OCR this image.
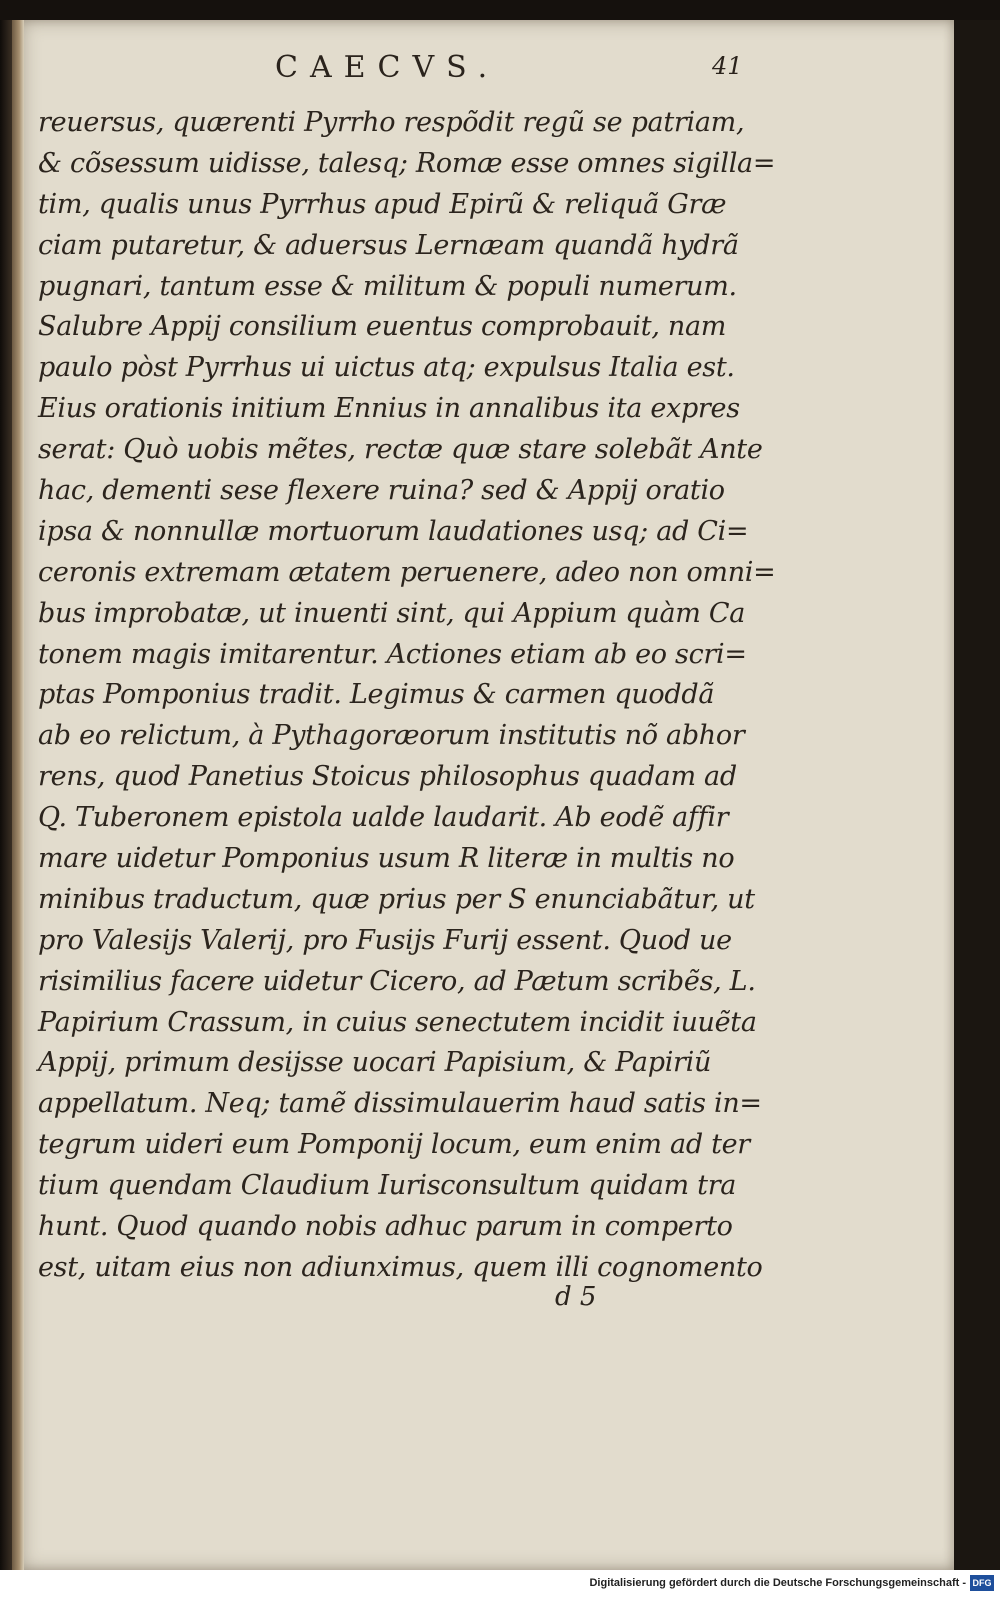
CAECVS.	41
reuersus, quærenti Pyrrho respõdit regũ se patriam,
& cõsessum uidisse, talesq; Romæ esse omnes sigilla=
tim, qualis unus Pyrrhus apud Epirũ & reliquã Græ
ciam putaretur, & aduersus Lernæam quandã hydrã
pugnari, tantum esse & militum & populi numerum.
Salubre Appij consilium euentus comprobauit, nam
paulo pòst Pyrrhus ui uictus atq; expulsus Italia est.
Eius orationis initium Ennius in annalibus ita expres
serat: Quò uobis mẽtes, rectæ quæ stare solebãt Ante
hac, dementi sese flexere ruina? sed & Appij oratio
ipsa & nonnullæ mortuorum laudationes usq; ad Ci=
ceronis extremam ætatem peruenere, adeo non omni=
bus improbatæ, ut inuenti sint, qui Appium quàm Ca
tonem magis imitarentur. Actiones etiam ab eo scri=
ptas Pomponius tradit. Legimus & carmen quoddã
ab eo relictum, à Pythagoræorum institutis nõ abhor
rens, quod Panetius Stoicus philosophus quadam ad
Q. Tuberonem epistola ualde laudarit. Ab eodẽ affir
mare uidetur Pomponius usum R literæ in multis no
minibus traductum, quæ prius per S enunciabãtur, ut
pro Valesijs Valerij, pro Fusijs Furij essent. Quod ue
risimilius facere uidetur Cicero, ad Pætum scribẽs, L.
Papirium Crassum, in cuius senectutem incidit iuuẽta
Appij, primum desijsse uocari Papisium, & Papiriũ
appellatum. Neq; tamẽ dissimulauerim haud satis in=
tegrum uideri eum Pomponij locum, eum enim ad ter
tium quendam Claudium Iurisconsultum quidam tra
hunt. Quod quando nobis adhuc parum in comperto
est, uitam eius non adiunximus, quem illi cognomento
d 5
Digitalisierung gefördert durch die Deutsche Forschungsgemeinschaft - DFG
